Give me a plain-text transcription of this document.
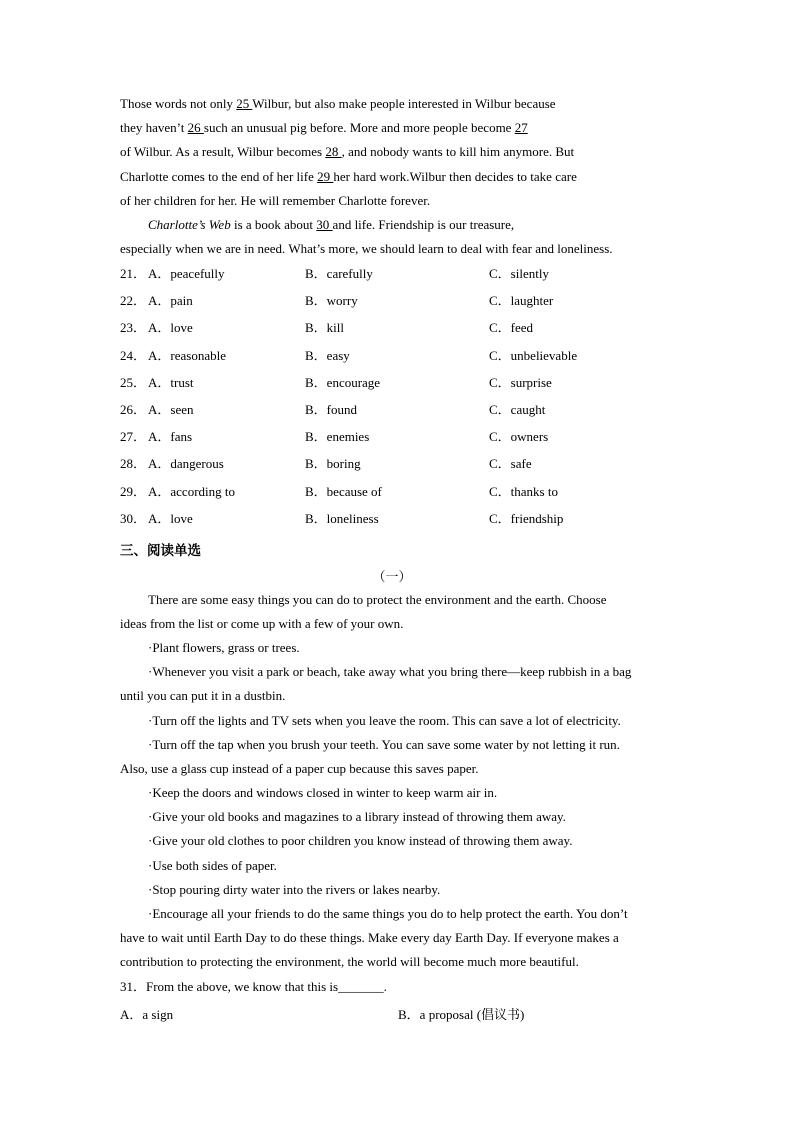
Those words not only 25 Wilbur, but also make people interested in Wilbur because
they haven’t 26 such an unusual pig before. More and more people become 27
of Wilbur. As a result, Wilbur becomes 28 , and nobody wants to kill him anymore. But
Charlotte comes to the end of her life 29 her hard work.Wilbur then decides to take care
of her children for her. He will remember Charlotte forever.
Charlotte’s Web is a book about 30 and life. Friendship is our treasure,
especially when we are in need. What’s more, we should learn to deal with fear and loneliness.
21． A．peacefully	B．carefully	C．silently
22． A．pain	B．worry	C．laughter
23． A．love	B．kill	C．feed
24． A．reasonable	B．easy	C．unbelievable
25． A．trust	B．encourage	C．surprise
26． A．seen	B．found	C．caught
27． A．fans	B．enemies	C．owners
28． A．dangerous	B．boring	C．safe
29． A．according to	B．because of	C．thanks to
30． A．love	B．loneliness	C．friendship
三、阅读单选
（一）
There are some easy things you can do to protect the environment and the earth. Choose
ideas from the list or come up with a few of your own.
·Plant flowers, grass or trees.
·Whenever you visit a park or beach, take away what you bring there—keep rubbish in a bag
until you can put it in a dustbin.
·Turn off the lights and TV sets when you leave the room. This can save a lot of electricity.
·Turn off the tap when you brush your teeth. You can save some water by not letting it run.
Also, use a glass cup instead of a paper cup because this saves paper.
·Keep the doors and windows closed in winter to keep warm air in.
·Give your old books and magazines to a library instead of throwing them away.
·Give your old clothes to poor children you know instead of throwing them away.
·Use both sides of paper.
·Stop pouring dirty water into the rivers or lakes nearby.
·Encourage all your friends to do the same things you do to help protect the earth. You don’t
have to wait until Earth Day to do these things. Make every day Earth Day. If everyone makes a
contribution to protecting the environment, the world will become much more beautiful.
31．From the above, we know that this is_______.
A．a sign	B．a proposal (倡议书)
